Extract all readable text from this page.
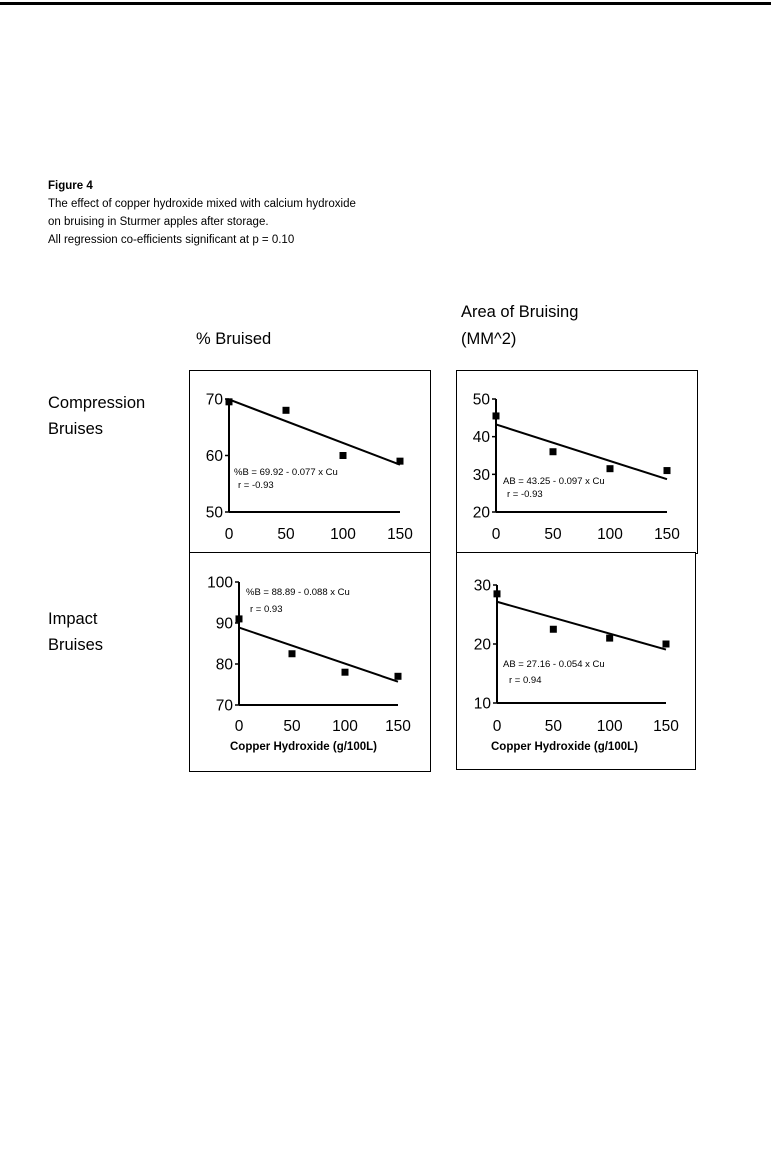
Figure 4
The effect of copper hydroxide mixed with calcium hydroxide
on bruising in Sturmer apples after storage.
All regression co-efficients significant at p = 0.10
% Bruised
Area of Bruising
(MM^2)
Compression
Bruises
Impact
Bruises
50
60
70
0	50 100 150
%B = 69.92 - 0.077 x Cu
r = -0.93
20
30
40
50
0	50 100 150
AB = 43.25 - 0.097 x Cu
r = -0.93
70
80
90
100
0	50 100 150
%B = 88.89 - 0.088 x Cu
r = 0.93
Copper Hydroxide (g/100L)
10
20
30
0	50 100 150
AB = 27.16 - 0.054 x Cu
r = 0.94
Copper Hydroxide (g/100L)
